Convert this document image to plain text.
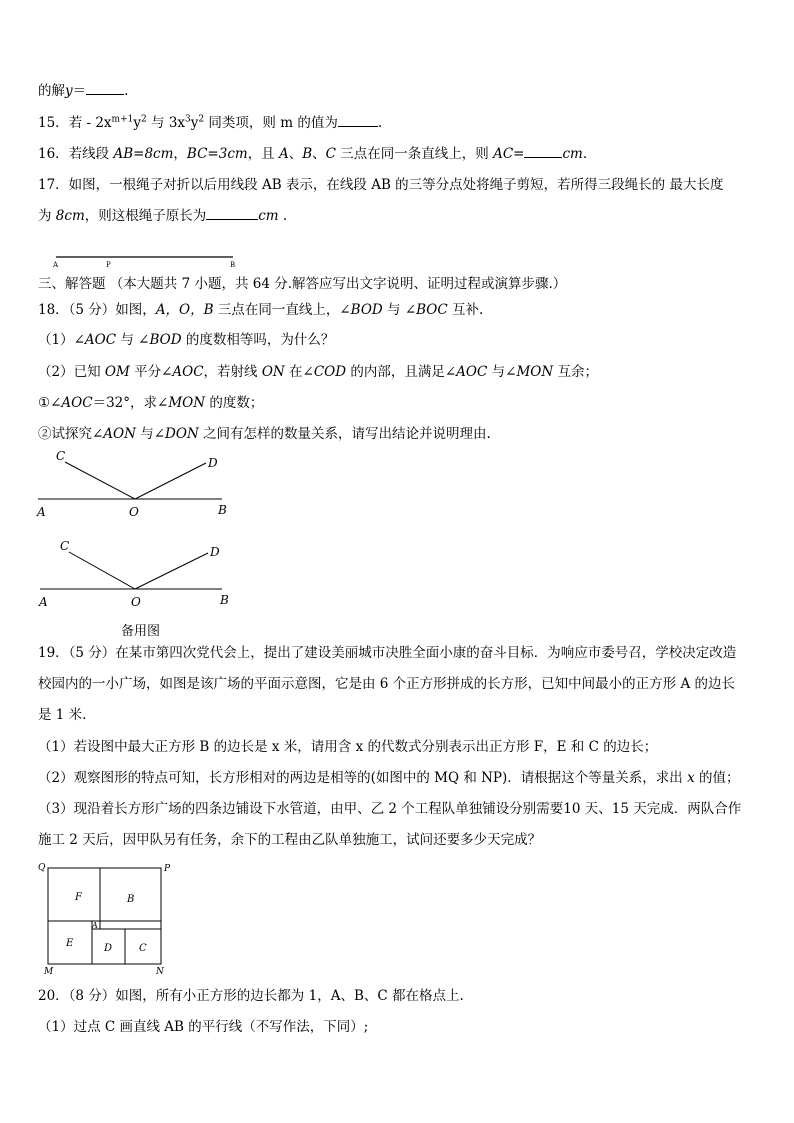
的解y＝	.
15．若 - $2x^{m+1}y^2$ 与 $3x^3y^2$ 同类项，则 m 的值为	.
16．若线段 AB=8cm，BC=3cm，且 A、B、C 三点在同一条直线上，则 AC=	cm.
17．如图，一根绳子对折以后用线段 AB 表示，在线段 AB 的三等分点处将绳子剪短，若所得三段绳长的 最大长度
为 8cm，则这根绳子原长为	cm .
A	P	B
三、解答题 （本大题共 7 小题，共 64 分.解答应写出文字说明、证明过程或演算步骤.）
18．（5 分）如图，A，O，B 三点在同一直线上，∠BOD 与 ∠BOC 互补.
（1）∠AOC 与 ∠BOD 的度数相等吗，为什么？
（2）已知 OM 平分∠AOC，若射线 ON 在∠COD 的内部，且满足∠AOC 与∠MON 互余；
①∠AOC＝32°，求∠MON 的度数；
②试探究∠AON 与∠DON 之间有怎样的数量关系，请写出结论并说明理由.
A	O	B
C	D
A	O	B
C	D
备用图
19．（5 分）在某市第四次党代会上，提出了建设美丽城市决胜全面小康的奋斗目标．为响应市委号召，学校决定改造
校园内的一小广场，如图是该广场的平面示意图，它是由 6 个正方形拼成的长方形，已知中间最小的正方形 A 的边长
是 1 米.
（1）若设图中最大正方形 B 的边长是 x 米，请用含 x 的代数式分别表示出正方形 F，E 和 C 的边长；
（2）观察图形的特点可知，长方形相对的两边是相等的(如图中的 MQ 和 NP)．请根据这个等量关系，求出 x 的值；
（3）现沿着长方形广场的四条边铺设下水管道，由甲、乙 2 个工程队单独铺设分别需要10 天、15 天完成．两队合作
施工 2 天后，因甲队另有任务，余下的工程由乙队单独施工，试问还要多少天完成？
Q	P
M	N
F	B
A
E	D	C
20．（8 分）如图，所有小正方形的边长都为 1，A、B、C 都在格点上.
（1）过点 C 画直线 AB 的平行线（不写作法，下同）;
